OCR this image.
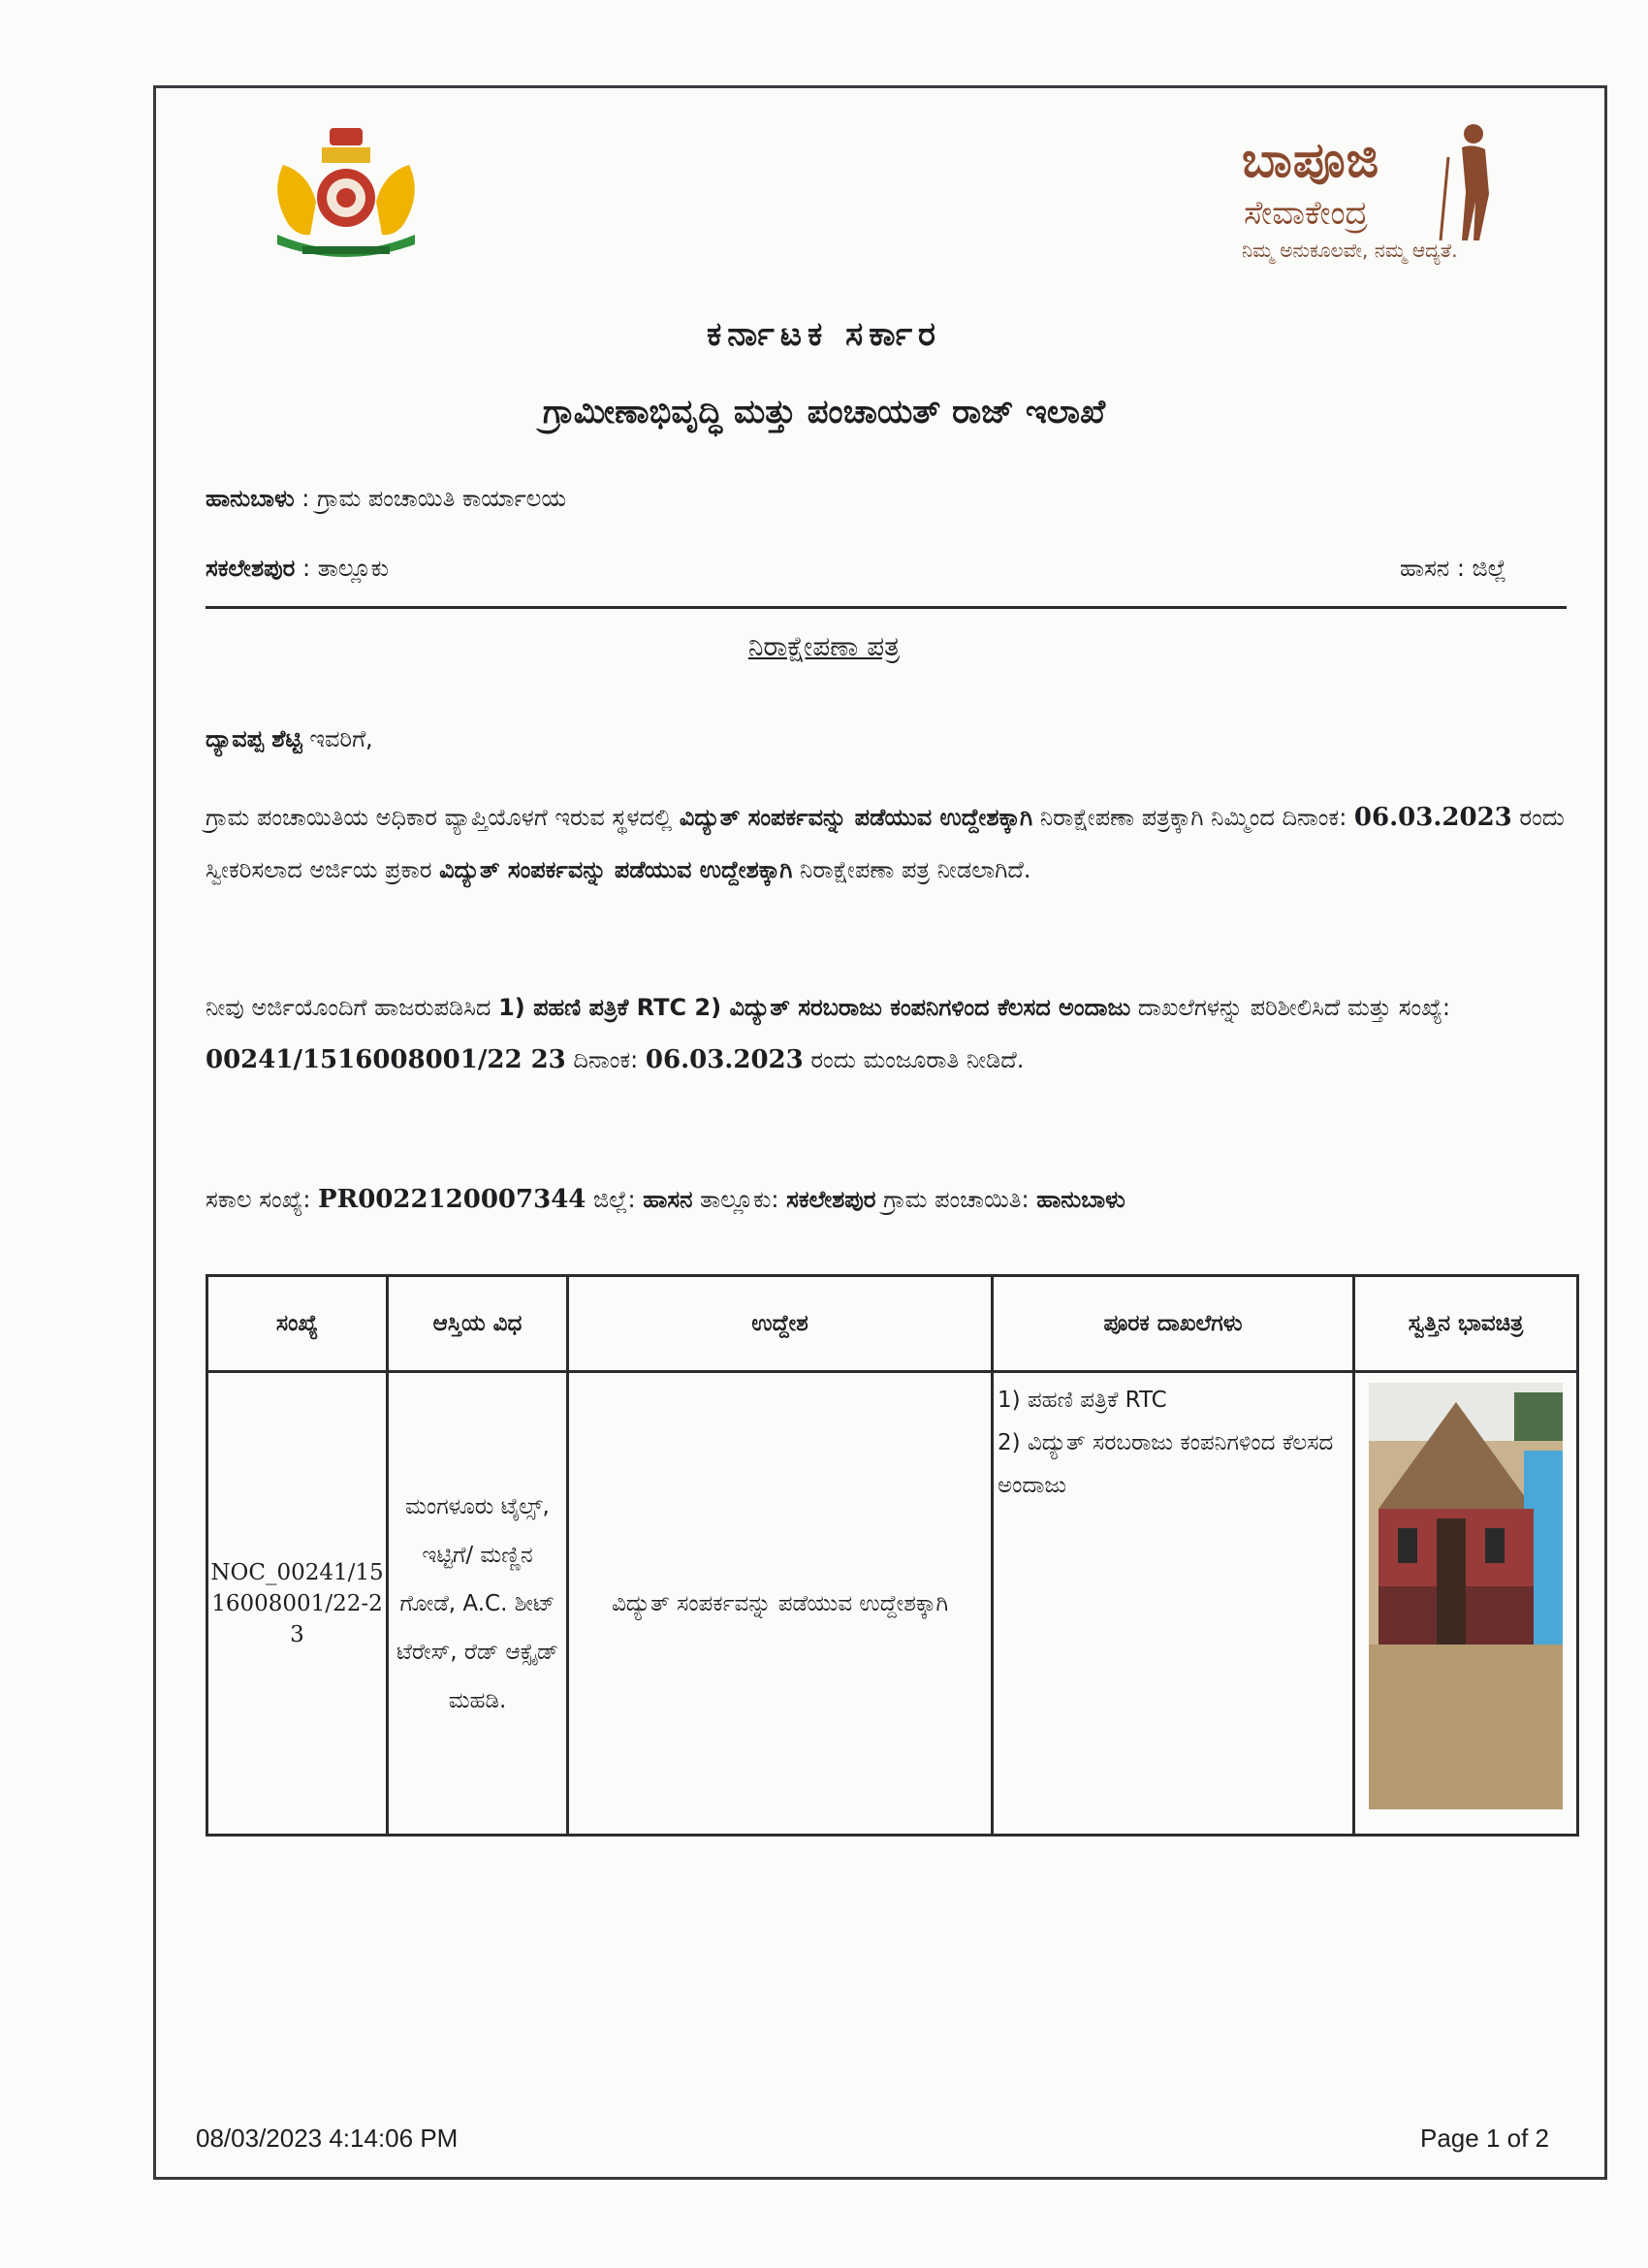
ಬಾಪೂಜಿ
ಸೇವಾಕೇಂದ್ರ
ನಿಮ್ಮ ಅನುಕೂಲವೇ, ನಮ್ಮ ಆದ್ಯತೆ.
ಕರ್ನಾಟಕ ಸರ್ಕಾರ
ಗ್ರಾಮೀಣಾಭಿವೃದ್ಧಿ ಮತ್ತು ಪಂಚಾಯತ್ ರಾಜ್ ಇಲಾಖೆ
ಹಾನುಬಾಳು : ಗ್ರಾಮ ಪಂಚಾಯಿತಿ ಕಾರ್ಯಾಲಯ
ಸಕಲೇಶಪುರ : ತಾಲ್ಲೂಕು	ಹಾಸನ : ಜಿಲ್ಲೆ
ನಿರಾಕ್ಷೇಪಣಾ ಪತ್ರ
ದ್ಯಾವಪ್ಪ ಶೆಟ್ಟಿ ಇವರಿಗೆ,
ಗ್ರಾಮ ಪಂಚಾಯಿತಿಯ ಅಧಿಕಾರ ವ್ಯಾಪ್ತಿಯೊಳಗೆ ಇರುವ ಸ್ಥಳದಲ್ಲಿ ವಿದ್ಯುತ್ ಸಂಪರ್ಕವನ್ನು ಪಡೆಯುವ ಉದ್ದೇಶಕ್ಕಾಗಿ ನಿರಾಕ್ಷೇಪಣಾ ಪತ್ರಕ್ಕಾಗಿ ನಿಮ್ಮಿಂದ ದಿನಾಂಕ: 06.03.2023 ರಂದು ಸ್ವೀಕರಿಸಲಾದ ಅರ್ಜಿಯ ಪ್ರಕಾರ ವಿದ್ಯುತ್ ಸಂಪರ್ಕವನ್ನು ಪಡೆಯುವ ಉದ್ದೇಶಕ್ಕಾಗಿ ನಿರಾಕ್ಷೇಪಣಾ ಪತ್ರ ನೀಡಲಾಗಿದೆ.
ನೀವು ಅರ್ಜಿಯೊಂದಿಗೆ ಹಾಜರುಪಡಿಸಿದ 1) ಪಹಣಿ ಪತ್ರಿಕೆ RTC 2) ವಿದ್ಯುತ್ ಸರಬರಾಜು ಕಂಪನಿಗಳಿಂದ ಕೆಲಸದ ಅಂದಾಜು ದಾಖಲೆಗಳನ್ನು ಪರಿಶೀಲಿಸಿದೆ ಮತ್ತು ಸಂಖ್ಯೆ: 00241/1516008001/22 23 ದಿನಾಂಕ: 06.03.2023 ರಂದು ಮಂಜೂರಾತಿ ನೀಡಿದೆ.
ಸಕಾಲ ಸಂಖ್ಯೆ: PR0022120007344 ಜಿಲ್ಲೆ: ಹಾಸನ ತಾಲ್ಲೂಕು: ಸಕಲೇಶಪುರ ಗ್ರಾಮ ಪಂಚಾಯಿತಿ: ಹಾನುಬಾಳು
ಸಂಖ್ಯೆ	ಆಸ್ತಿಯ ವಿಧ	ಉದ್ದೇಶ	ಪೂರಕ ದಾಖಲೆಗಳು	ಸ್ವತ್ತಿನ ಭಾವಚಿತ್ರ
NOC_00241/1516008001/22-23	ಮಂಗಳೂರು ಟೈಲ್ಸ್, ಇಟ್ಟಿಗೆ/ ಮಣ್ಣಿನ ಗೋಡೆ, A.C. ಶೀಟ್ ಟೆರೇಸ್, ರೆಡ್ ಆಕ್ಸೈಡ್ ಮಹಡಿ.	ವಿದ್ಯುತ್ ಸಂಪರ್ಕವನ್ನು ಪಡೆಯುವ ಉದ್ದೇಶಕ್ಕಾಗಿ	1) ಪಹಣಿ ಪತ್ರಿಕೆ RTC
2) ವಿದ್ಯುತ್ ಸರಬರಾಜು ಕಂಪನಿಗಳಿಂದ ಕೆಲಸದ ಅಂದಾಜು

08/03/2023 4:14:06 PM	Page 1 of 2
